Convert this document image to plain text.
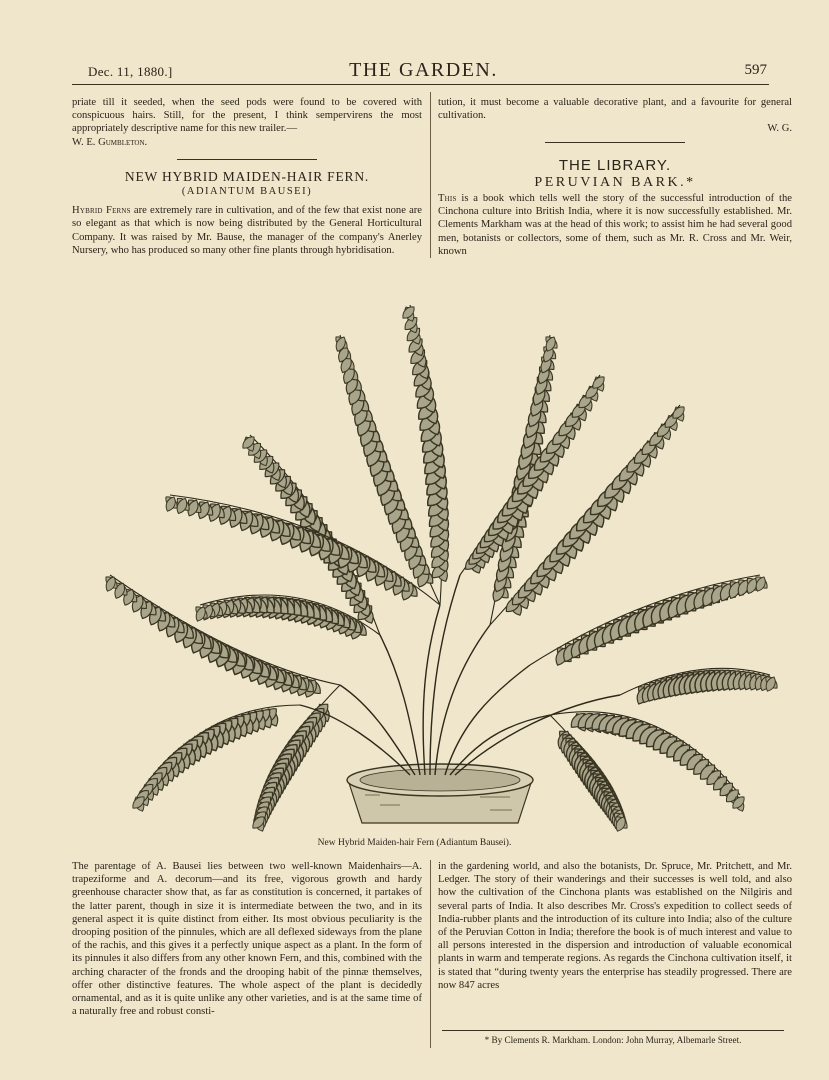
Dec. 11, 1880.]	THE GARDEN.	597

priate till it seeded, when the seed pods were found to be covered with conspicuous hairs. Still, for the present, I think sempervirens the most appropriately descriptive name for this new trailer.—

W. E. Gumbleton.

NEW HYBRID MAIDEN-HAIR FERN.
(ADIANTUM BAUSEI)

Hybrid Ferns are extremely rare in cultivation, and of the few that exist none are so elegant as that which is now being distributed by the General Horticultural Company. It was raised by Mr. Bause, the manager of the company's Anerley Nursery, who has produced so many other fine plants through hybridisation.

tution, it must become a valuable decorative plant, and a favourite for general cultivation.

W. G.

THE LIBRARY.
PERUVIAN BARK.*

This is a book which tells well the story of the successful introduction of the Cinchona culture into British India, where it is now successfully established. Mr. Clements Markham was at the head of this work; to assist him he had several good men, botanists or collectors, some of them, such as Mr. R. Cross and Mr. Weir, known

New Hybrid Maiden-hair Fern (Adiantum Bausei).

The parentage of A. Bausei lies between two well-known Maidenhairs—A. trapeziforme and A. decorum—and its free, vigorous growth and hardy greenhouse character show that, as far as constitution is concerned, it partakes of the latter parent, though in size it is intermediate between the two, and in its general aspect it is quite distinct from either. Its most obvious peculiarity is the drooping position of the pinnules, which are all deflexed sideways from the plane of the rachis, and this gives it a perfectly unique aspect as a plant. In the form of its pinnules it also differs from any other known Fern, and this, combined with the arching character of the fronds and the drooping habit of the pinnæ themselves, offer other distinctive features. The whole aspect of the plant is decidedly ornamental, and as it is quite unlike any other varieties, and is at the same time of a naturally free and robust consti-

in the gardening world, and also the botanists, Dr. Spruce, Mr. Pritchett, and Mr. Ledger. The story of their wanderings and their successes is well told, and also how the cultivation of the Cinchona plants was established on the Nilgiris and several parts of India. It also describes Mr. Cross's expedition to collect seeds of India-rubber plants and the introduction of its culture into India; also of the culture of the Peruvian Cotton in India; therefore the book is of much interest and value to all persons interested in the dispersion and introduction of valuable economical plants in warm and temperate regions. As regards the Cinchona cultivation itself, it is stated that “during twenty years the enterprise has steadily progressed. There are now 847 acres

* By Clements R. Markham. London: John Murray, Albemarle Street.
